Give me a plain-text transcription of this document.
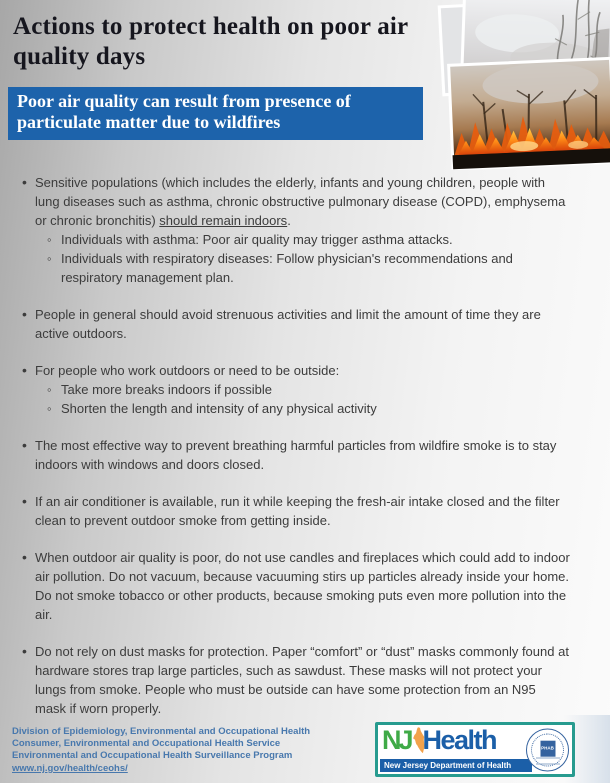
Actions to protect health on poor air quality days
Poor air quality can result from presence of particulate matter due to wildfires
• Sensitive populations (which includes the elderly, infants and young children, people with lung diseases such as asthma, chronic obstructive pulmonary disease (COPD), emphysema or chronic bronchitis) should remain indoors.
◦ Individuals with asthma: Poor air quality may trigger asthma attacks.
◦ Individuals with respiratory diseases: Follow physician's recommendations and respiratory management plan.
• People in general should avoid strenuous activities and limit the amount of time they are active outdoors.
• For people who work outdoors or need to be outside:
◦ Take more breaks indoors if possible
◦ Shorten the length and intensity of any physical activity
• The most effective way to prevent breathing harmful particles from wildfire smoke is to stay indoors with windows and doors closed.
• If an air conditioner is available, run it while keeping the fresh-air intake closed and the filter clean to prevent outdoor smoke from getting inside.
• When outdoor air quality is poor, do not use candles and fireplaces which could add to indoor air pollution. Do not vacuum, because vacuuming stirs up particles already inside your home. Do not smoke tobacco or other products, because smoking puts even more pollution into the air.
• Do not rely on dust masks for protection. Paper “comfort” or “dust” masks commonly found at hardware stores trap large particles, such as sawdust. These masks will not protect your lungs from smoke. People who must be outside can have some protection from an N95 mask if worn properly.
Division of Epidemiology, Environmental and Occupational Health
Consumer, Environmental and Occupational Health Service
Environmental and Occupational Health Surveillance Program
www.nj.gov/health/ceohs/
NJ Health
New Jersey Department of Health
PHAB
